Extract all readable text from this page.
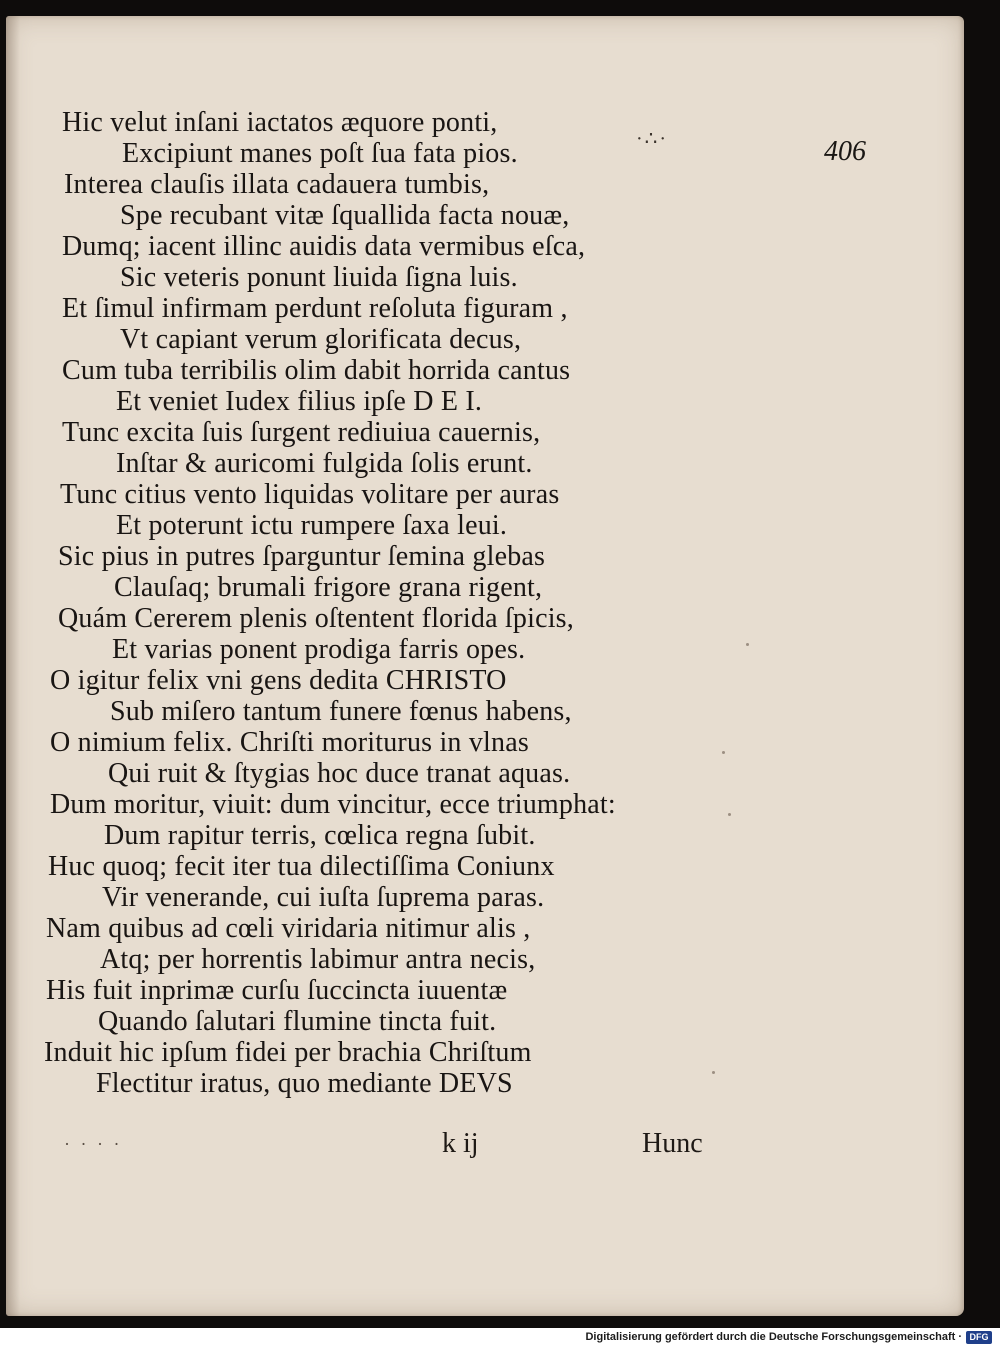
·∴·	406
Hic velut inſani iactatos æquore ponti,
Excipiunt manes poſt ſua fata pios.
Interea clauſis illata cadauera tumbis,
Spe recubant vitæ ſquallida facta nouæ,
Dumq; iacent illinc auidis data vermibus eſca,
Sic veteris ponunt liuida ſigna luis.
Et ſimul infirmam perdunt reſoluta figuram ,
Vt capiant verum glorificata decus,
Cum tuba terribilis olim dabit horrida cantus
Et veniet Iudex filius ipſe D E I.
Tunc excita ſuis ſurgent rediuiua cauernis,
Inſtar & auricomi fulgida ſolis erunt.
Tunc citius vento liquidas volitare per auras
Et poterunt ictu rumpere ſaxa leui.
Sic pius in putres ſparguntur ſemina glebas
Clauſaq; brumali frigore grana rigent,
Quám Cererem plenis oſtentent florida ſpicis,
Et varias ponent prodiga farris opes.
O igitur felix vni gens dedita CHRISTO
Sub miſero tantum funere fœnus habens,
O nimium felix. Chriſti moriturus in vlnas
Qui ruit & ſtygias hoc duce tranat aquas.
Dum moritur, viuit: dum vincitur, ecce triumphat:
Dum rapitur terris, cœlica regna ſubit.
Huc quoq; fecit iter tua dilectiſſima Coniunx
Vir venerande, cui iuſta ſuprema paras.
Nam quibus ad cœli viridaria nitimur alis ,
Atq; per horrentis labimur antra necis,
His fuit inprimæ curſu ſuccincta iuuentæ
Quando ſalutari flumine tincta fuit.
Induit hic ipſum fidei per brachia Chriſtum
Flectitur iratus, quo mediante DEVS
· · · ·	k ij	Hunc
Digitalisierung gefördert durch die Deutsche Forschungsgemeinschaft · DFG
